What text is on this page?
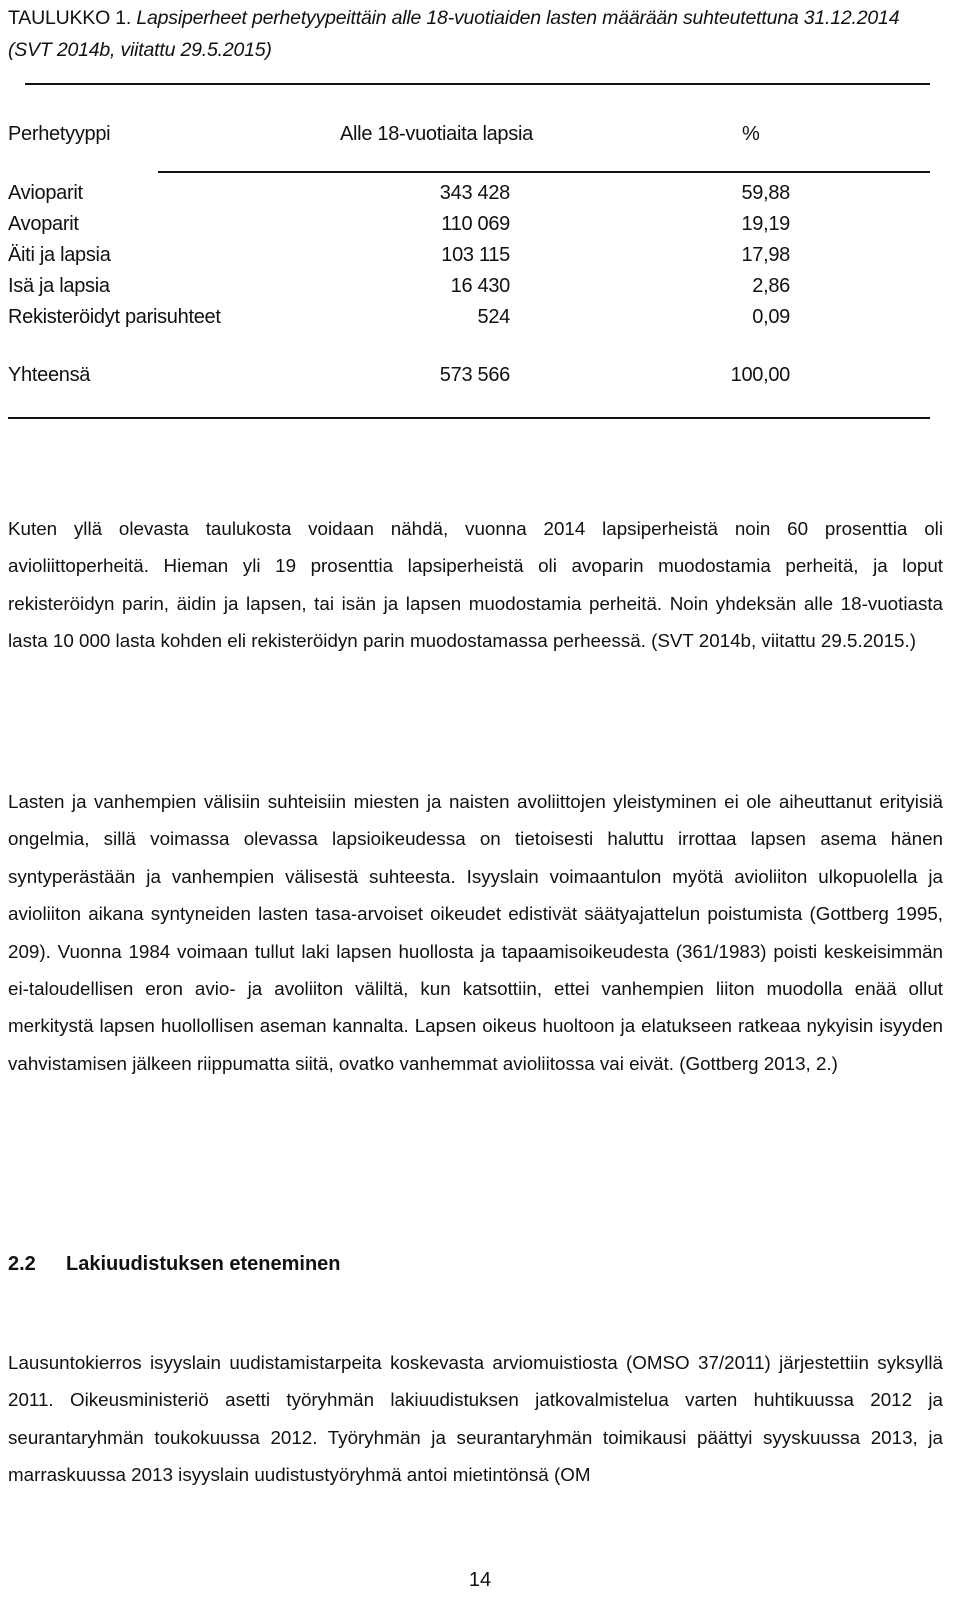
TAULUKKO 1. Lapsiperheet perhetyypeittäin alle 18-vuotiaiden lasten määrään suhteutettuna 31.12.2014 (SVT 2014b, viitattu 29.5.2015)
Perhetyyppi	Alle 18-vuotiaita lapsia	%
Avioparit	343 428	59,88
Avoparit	110 069	19,19
Äiti ja lapsia	103 115	17,98
Isä ja lapsia	16 430	2,86
Rekisteröidyt parisuhteet	524	0,09
Yhteensä	573 566	100,00

Kuten yllä olevasta taulukosta voidaan nähdä, vuonna 2014 lapsiperheistä noin 60 prosenttia oli avioliittoperheitä. Hieman yli 19 prosenttia lapsiperheistä oli avoparin muodostamia perheitä, ja loput rekisteröidyn parin, äidin ja lapsen, tai isän ja lapsen muodostamia perheitä. Noin yhdeksän alle 18-vuotiasta lasta 10 000 lasta kohden eli rekisteröidyn parin muodostamassa perheessä. (SVT 2014b, viitattu 29.5.2015.)

Lasten ja vanhempien välisiin suhteisiin miesten ja naisten avoliittojen yleistyminen ei ole aiheuttanut erityisiä ongelmia, sillä voimassa olevassa lapsioikeudessa on tietoisesti haluttu irrottaa lapsen asema hänen syntyperästään ja vanhempien välisestä suhteesta. Isyyslain voimaantulon myötä avioliiton ulkopuolella ja avioliiton aikana syntyneiden lasten tasa-arvoiset oikeudet edistivät säätyajattelun poistumista (Gottberg 1995, 209). Vuonna 1984 voimaan tullut laki lapsen huollosta ja tapaamisoikeudesta (361/1983) poisti keskeisimmän ei-taloudellisen eron avio- ja avoliiton väliltä, kun katsottiin, ettei vanhempien liiton muodolla enää ollut merkitystä lapsen huollollisen aseman kannalta. Lapsen oikeus huoltoon ja elatukseen ratkeaa nykyisin isyyden vahvistamisen jälkeen riippumatta siitä, ovatko vanhemmat avioliitossa vai eivät. (Gottberg 2013, 2.)

2.2 Lakiuudistuksen eteneminen

Lausuntokierros isyyslain uudistamistarpeita koskevasta arviomuistiosta (OMSO 37/2011) järjestettiin syksyllä 2011. Oikeusministeriö asetti työryhmän lakiuudistuksen jatkovalmistelua varten huhtikuussa 2012 ja seurantaryhmän toukokuussa 2012. Työryhmän ja seurantaryhmän toimikausi päättyi syyskuussa 2013, ja marraskuussa 2013 isyyslain uudistustyöryhmä antoi mietintönsä (OM

14
